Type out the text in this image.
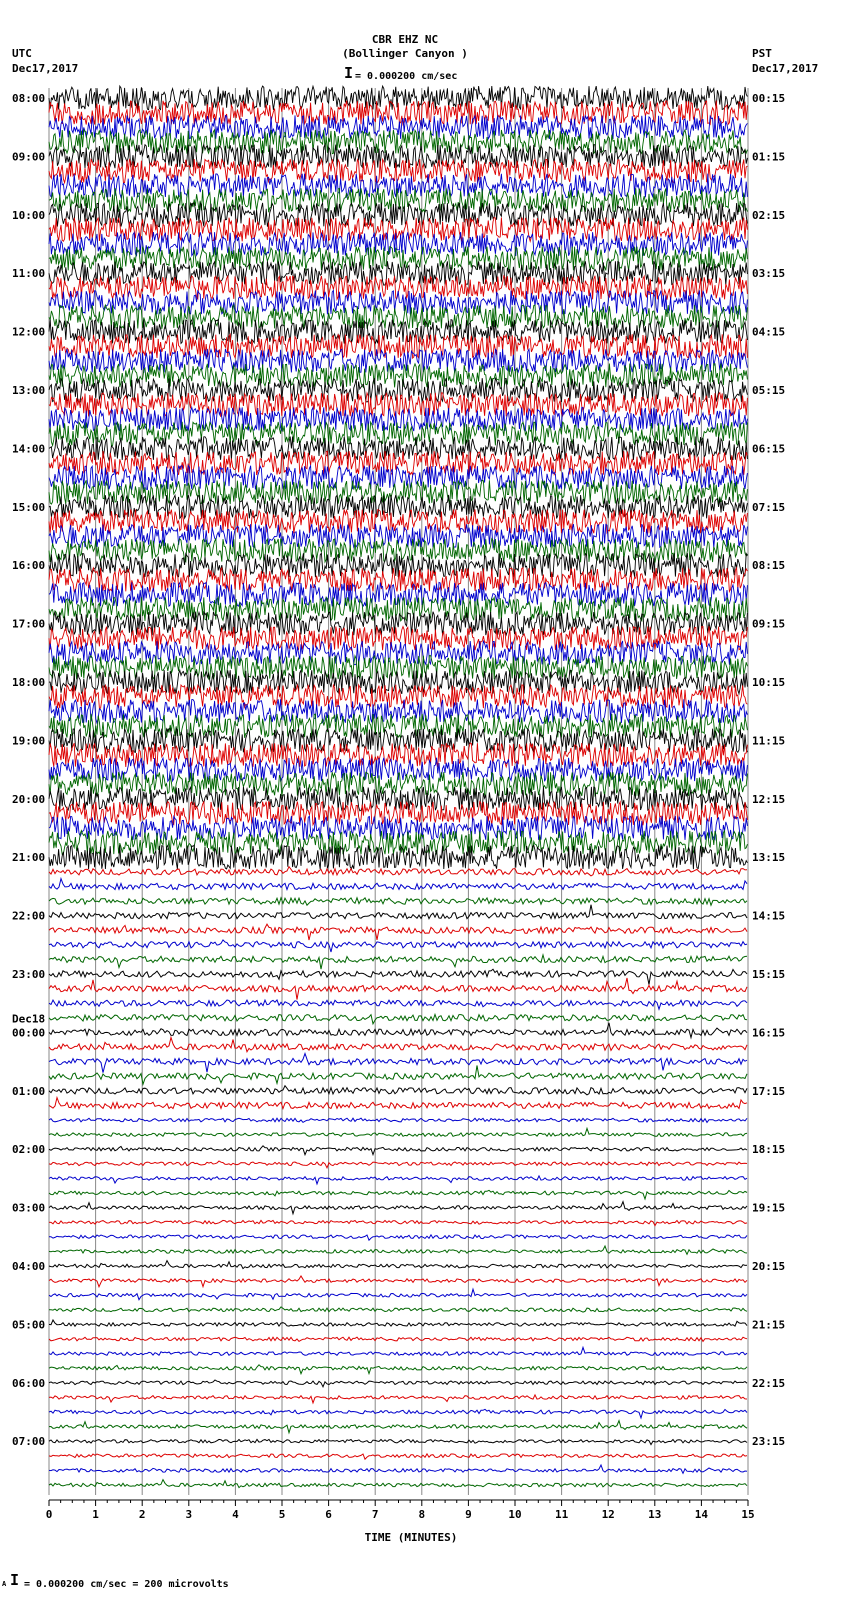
CBR EHZ NC
(Bollinger Canyon )
I = 0.000200 cm/sec
UTC
Dec17,2017
PST
Dec17,2017
08:00
09:00
10:00
11:00
12:00
13:00
14:00
15:00
16:00
17:00
18:00
19:00
20:00
21:00
22:00
23:00
00:00
Dec18
01:00
02:00
03:00
04:00
05:00
06:00
07:00
00:15
01:15
02:15
03:15
04:15
05:15
06:15
07:15
08:15
09:15
10:15
11:15
12:15
13:15
14:15
15:15
16:15
17:15
18:15
19:15
20:15
21:15
22:15
23:15
0	1	2	3	4	5	6	7	8	9	10	11	12	13	14	15
TIME (MINUTES)
A I = 0.000200 cm/sec = 200 microvolts
